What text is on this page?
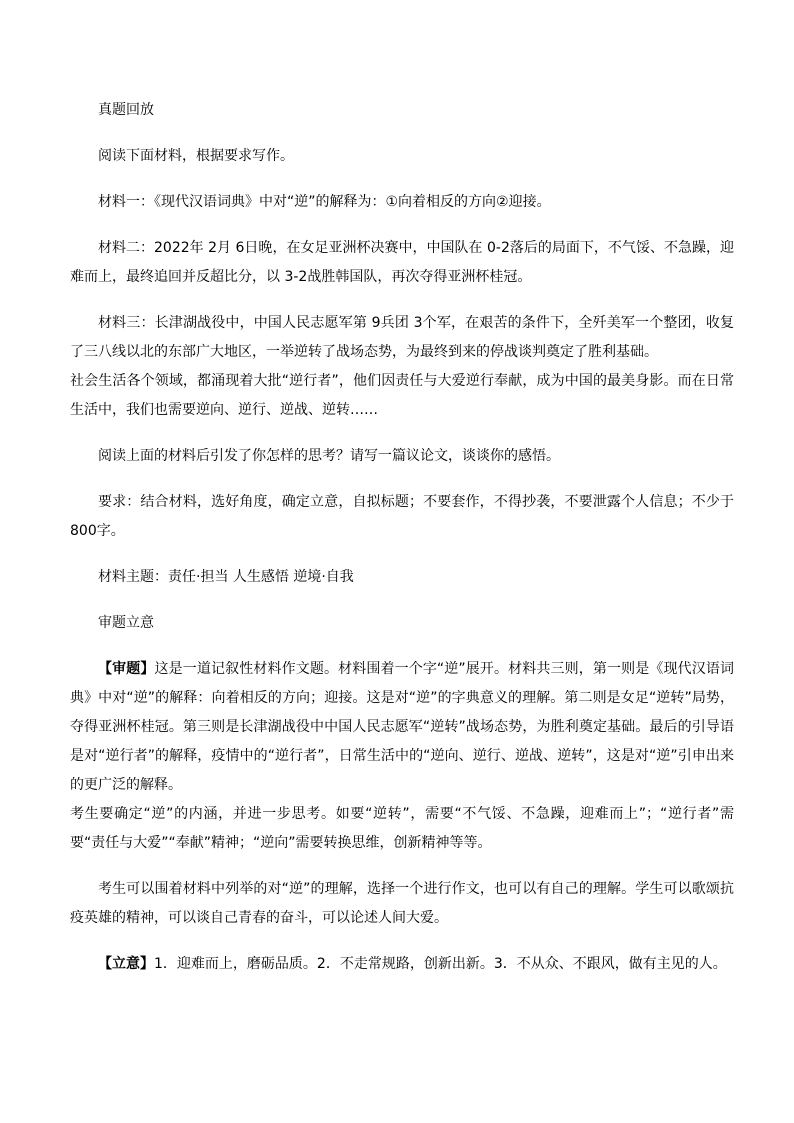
真题回放

阅读下面材料，根据要求写作。

材料一：《现代汉语词典》中对“逆”的解释为：①向着相反的方向②迎接。

材料二：2022年 2月 6日晚，在女足亚洲杯决赛中，中国队在 0-2落后的局面下，不气馁、不急躁，迎难而上，最终追回并反超比分，以 3-2战胜韩国队，再次夺得亚洲杯桂冠。

材料三：长津湖战役中，中国人民志愿军第 9兵团 3个军，在艰苦的条件下，全歼美军一个整团，收复了三八线以北的东部广大地区，一举逆转了战场态势，为最终到来的停战谈判奠定了胜利基础。

社会生活各个领域，都涌现着大批“逆行者”，他们因责任与大爱逆行奉献，成为中国的最美身影。而在日常生活中，我们也需要逆向、逆行、逆战、逆转……

阅读上面的材料后引发了你怎样的思考？请写一篇议论文，谈谈你的感悟。

要求：结合材料，选好角度，确定立意，自拟标题；不要套作，不得抄袭，不要泄露个人信息；不少于 800字。

材料主题：责任·担当 人生感悟 逆境·自我

审题立意

【审题】这是一道记叙性材料作文题。材料围着一个字“逆”展开。材料共三则，第一则是《现代汉语词典》中对“逆”的解释：向着相反的方向；迎接。这是对“逆”的字典意义的理解。第二则是女足“逆转”局势，夺得亚洲杯桂冠。第三则是长津湖战役中中国人民志愿军“逆转”战场态势，为胜利奠定基础。最后的引导语是对“逆行者”的解释，疫情中的“逆行者”，日常生活中的“逆向、逆行、逆战、逆转”，这是对“逆”引申出来的更广泛的解释。

考生要确定“逆”的内涵，并进一步思考。如要“逆转”，需要“不气馁、不急躁，迎难而上”；“逆行者”需要“责任与大爱”“奉献”精神；“逆向”需要转换思维，创新精神等等。

考生可以围着材料中列举的对“逆”的理解，选择一个进行作文，也可以有自己的理解。学生可以歌颂抗疫英雄的精神，可以谈自己青春的奋斗，可以论述人间大爱。

【立意】1．迎难而上，磨砺品质。2．不走常规路，创新出新。3．不从众、不跟风，做有主见的人。
